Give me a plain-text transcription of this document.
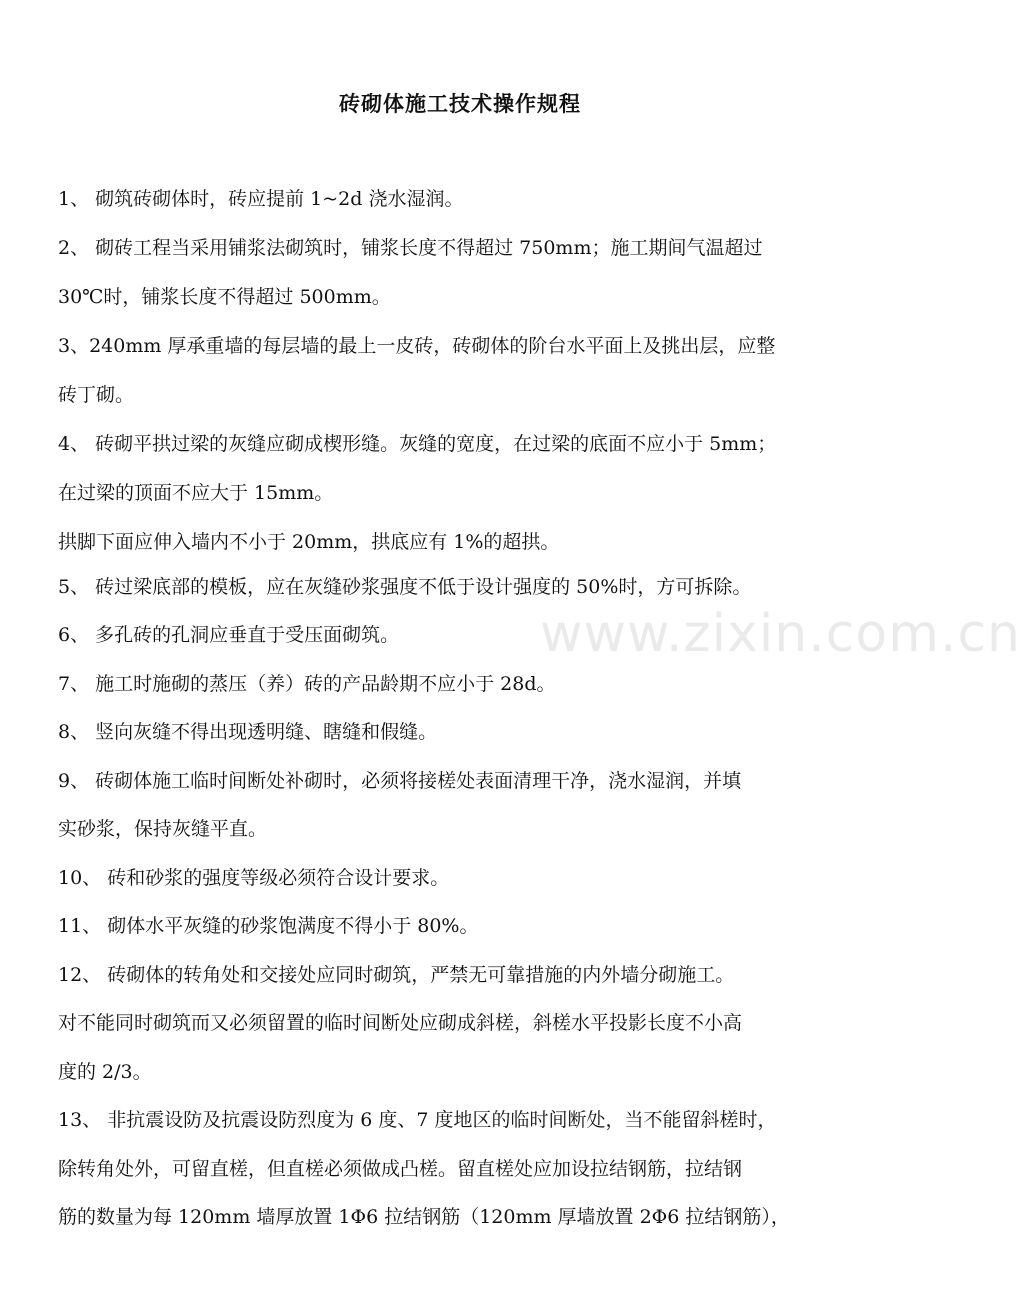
砖砌体施工技术操作规程
1、 砌筑砖砌体时，砖应提前 1~2d 浇水湿润。
2、 砌砖工程当采用铺浆法砌筑时，铺浆长度不得超过 750mm；施工期间气温超过
30℃时，铺浆长度不得超过 500mm。
3、240mm 厚承重墙的每层墙的最上一皮砖，砖砌体的阶台水平面上及挑出层，应整
砖丁砌。
4、 砖砌平拱过梁的灰缝应砌成楔形缝。灰缝的宽度，在过梁的底面不应小于 5mm；
在过梁的顶面不应大于 15mm。
拱脚下面应伸入墙内不小于 20mm，拱底应有 1%的超拱。
5、 砖过梁底部的模板，应在灰缝砂浆强度不低于设计强度的 50%时，方可拆除。
6、 多孔砖的孔洞应垂直于受压面砌筑。
7、 施工时施砌的蒸压（养）砖的产品龄期不应小于 28d。
8、 竖向灰缝不得出现透明缝、瞎缝和假缝。
9、 砖砌体施工临时间断处补砌时，必须将接槎处表面清理干净，浇水湿润，并填
实砂浆，保持灰缝平直。
10、 砖和砂浆的强度等级必须符合设计要求。
11、 砌体水平灰缝的砂浆饱满度不得小于 80%。
12、 砖砌体的转角处和交接处应同时砌筑，严禁无可靠措施的内外墙分砌施工。
对不能同时砌筑而又必须留置的临时间断处应砌成斜槎，斜槎水平投影长度不小高
度的 2/3。
13、 非抗震设防及抗震设防烈度为 6 度、7 度地区的临时间断处，当不能留斜槎时，
除转角处外，可留直槎，但直槎必须做成凸槎。留直槎处应加设拉结钢筋，拉结钢
筋的数量为每 120mm 墙厚放置 1Φ6 拉结钢筋（120mm 厚墙放置 2Φ6 拉结钢筋），
www.zixin.com.cn
